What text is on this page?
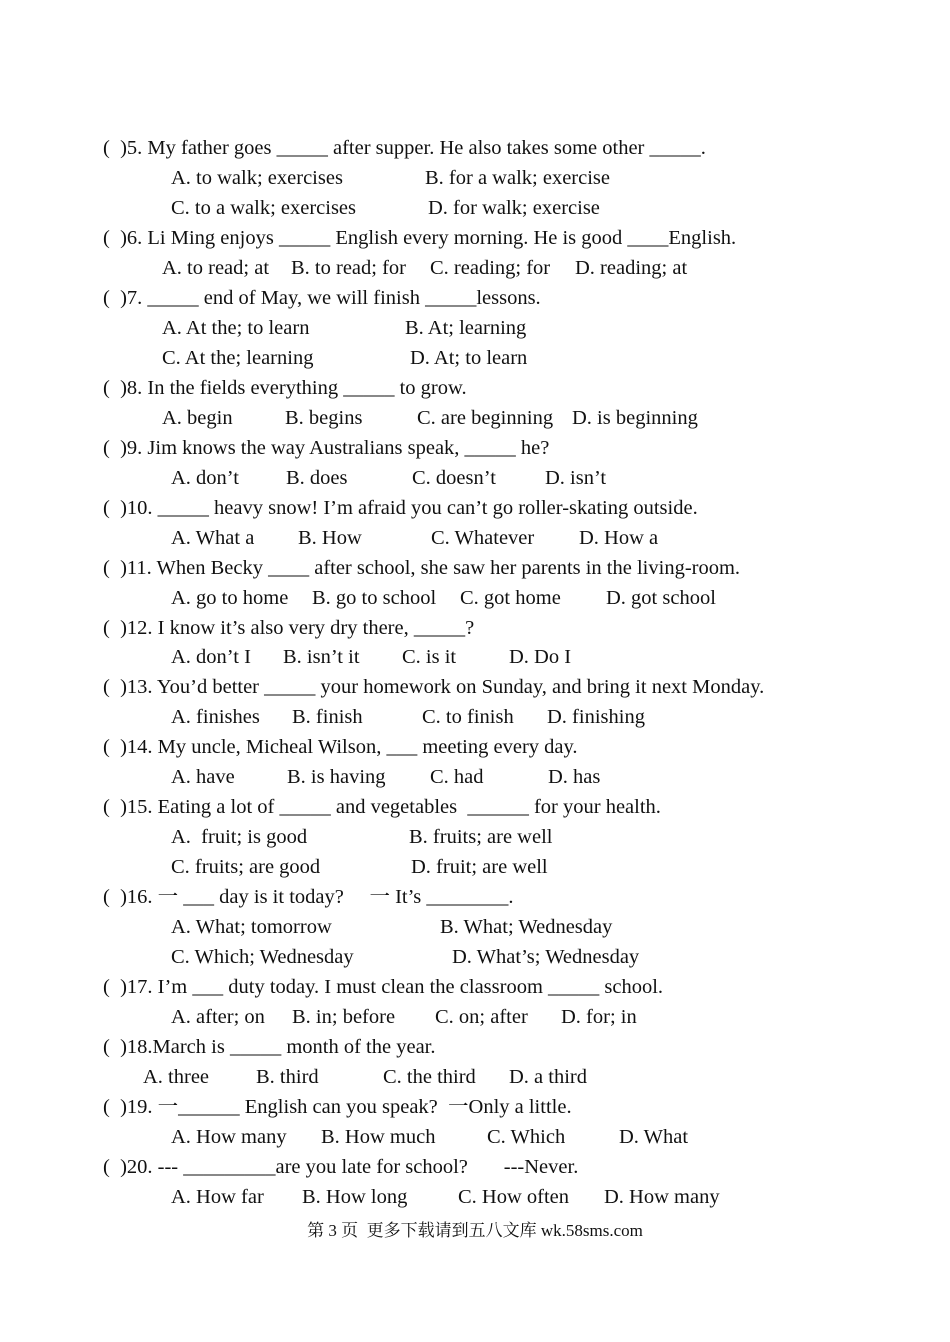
(  )5. My father goes _____ after supper. He also takes some other _____.
A. to walk; exercises	B. for a walk; exercise
C. to a walk; exercises	D. for walk; exercise
(  )6. Li Ming enjoys _____ English every morning. He is good ____English.
A. to read; at B. to read; for C. reading; for D. reading; at
(  )7. _____ end of May, we will finish _____lessons.
A. At the; to learn	B. At; learning
C. At the; learning	D. At; to learn
(  )8. In the fields everything _____ to grow.
A. begin	B. begins	C. are beginning D. is beginning
(  )9. Jim knows the way Australians speak, _____ he?
A. don’t B. does	C. doesn’t D. isn’t
(  )10. _____ heavy snow! I’m afraid you can’t go roller-skating outside.
A. What a B. How	C. Whatever D. How a
(  )11. When Becky ____ after school, she saw her parents in the living-room.
A. go to home B. go to school C. got home D. got school
(  )12. I know it’s also very dry there, _____?
A. don’t I B. isn’t it C. is it	D. Do I
(  )13. You’d better _____ your homework on Sunday, and bring it next Monday.
A. finishes B. finish	C. to finish D. finishing
(  )14. My uncle, Micheal Wilson, ___ meeting every day.
A. have	B. is having C. had	D. has
(  )15. Eating a lot of _____ and vegetables  ______ for your health.
A.  fruit; is good	B. fruits; are well
C. fruits; are good	D. fruit; are well
(  )16. 一 ___ day is it today?     一 It’s ________.
A. What; tomorrow	B. What; Wednesday
C. Which; Wednesday	D. What’s; Wednesday
(  )17. I’m ___ duty today. I must clean the classroom _____ school.
A. after; on B. in; before C. on; after D. for; in
(  )18.March is _____ month of the year.
A. three B. third	C. the third D. a third
(  )19. 一______ English can you speak?  一Only a little.
A. How many B. How much	C. Which	D. What
(  )20. --- _________are you late for school?       ---Never.
A. How far B. How long C. How often D. How many
第 3 页  更多下载请到五八文库 wk.58sms.com
